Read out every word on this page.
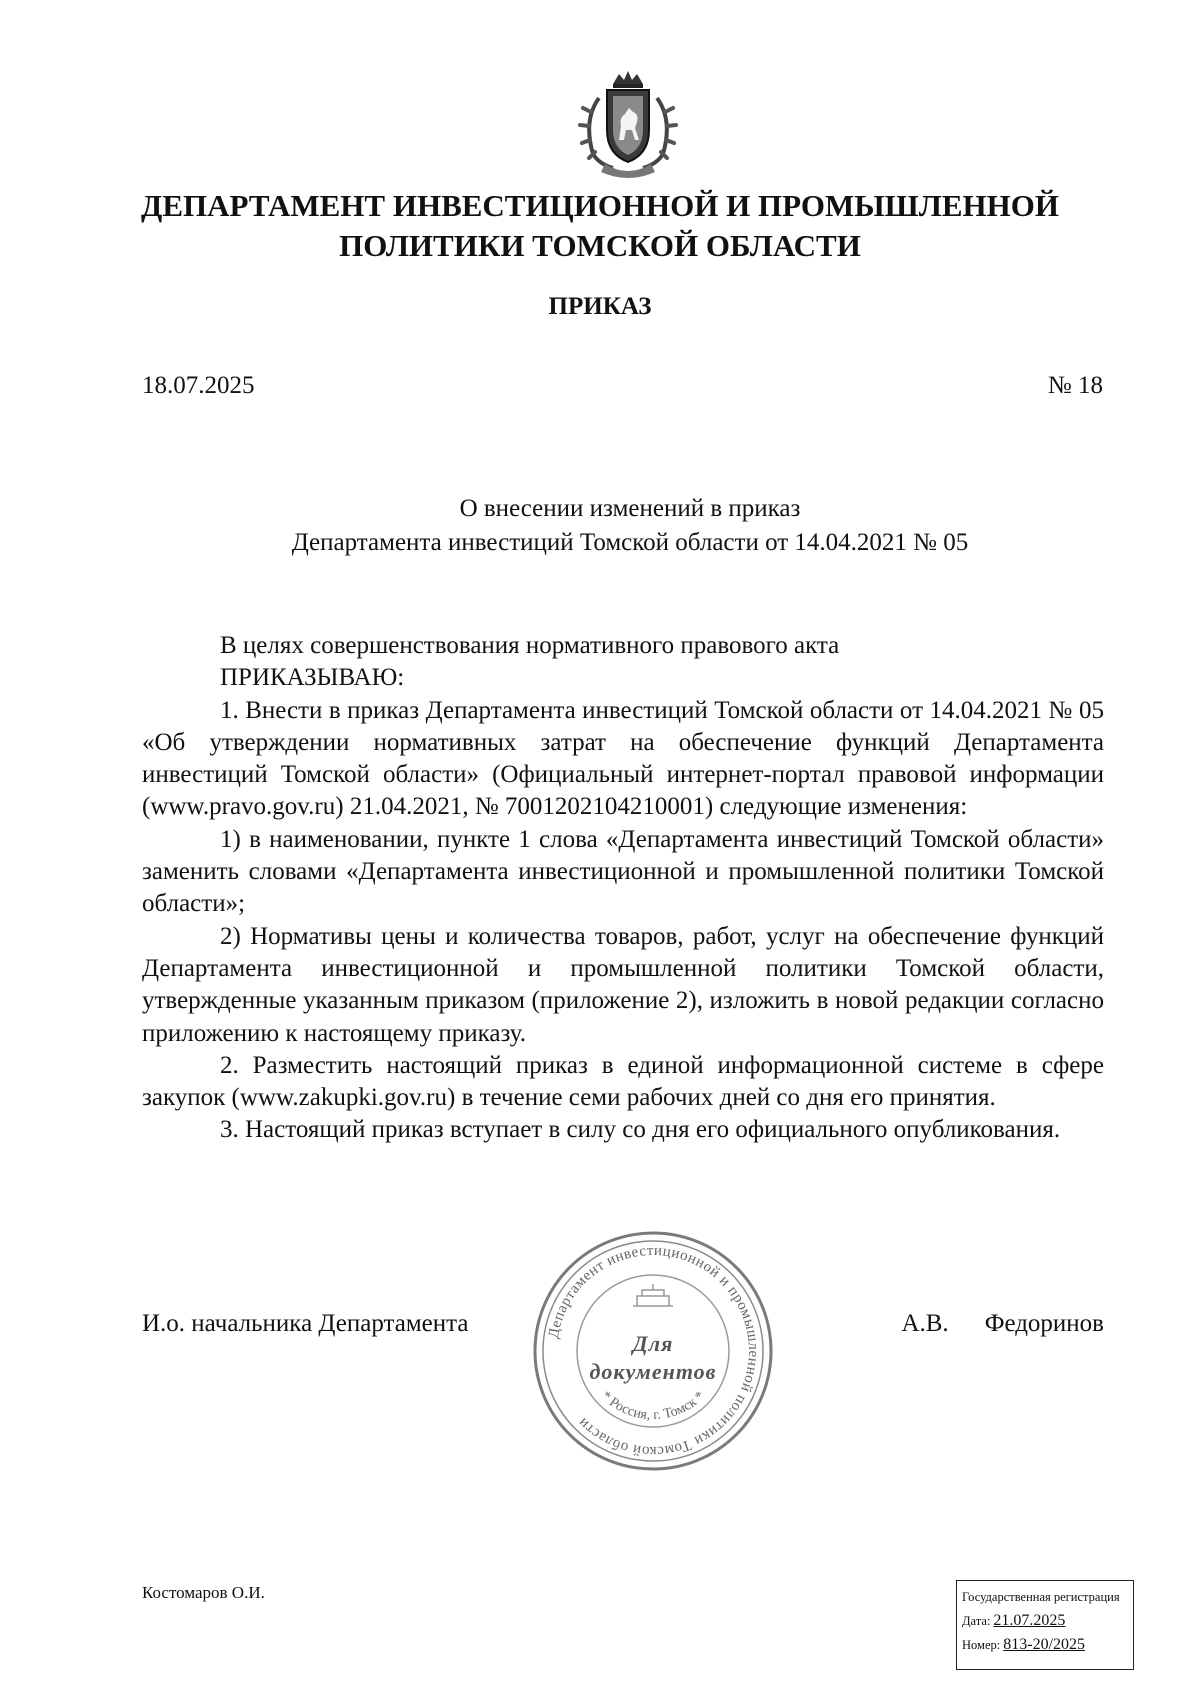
ДЕПАРТАМЕНТ ИНВЕСТИЦИОННОЙ И ПРОМЫШЛЕННОЙ
ПОЛИТИКИ ТОМСКОЙ ОБЛАСТИ
ПРИКАЗ
18.07.2025	№ 18
О внесении изменений в приказ
Департамента инвестиций Томской области от 14.04.2021 № 05

В целях совершенствования нормативного правового акта

ПРИКАЗЫВАЮ:

1. Внести в приказ Департамента инвестиций Томской области от 14.04.2021 № 05 «Об утверждении нормативных затрат на обеспечение функций Департамента инвестиций Томской области» (Официальный интернет-портал правовой информации (www.pravo.gov.ru) 21.04.2021, № 7001202104210001) следующие изменения:

1) в наименовании, пункте 1 слова «Департамента инвестиций Томской области» заменить словами «Департамента инвестиционной и промышленной политики Томской области»;

2) Нормативы цены и количества товаров, работ, услуг на обеспечение функций Департамента инвестиционной и промышленной политики Томской области, утвержденные указанным приказом (приложение 2), изложить в новой редакции согласно приложению к настоящему приказу.

2. Разместить настоящий приказ в единой информационной системе в сфере закупок (www.zakupki.gov.ru) в течение семи рабочих дней со дня его принятия.

3. Настоящий приказ вступает в силу со дня его официального опубликования.

И.о. начальника Департамента	А.В. Федоринов
Департамент инвестиционной и промышленной политики Томской области
* Россия, г. Томск *
Для
документов
Костомаров О.И.	Государственная регистрация
Дата: 21.07.2025
Номер: 813-20/2025
